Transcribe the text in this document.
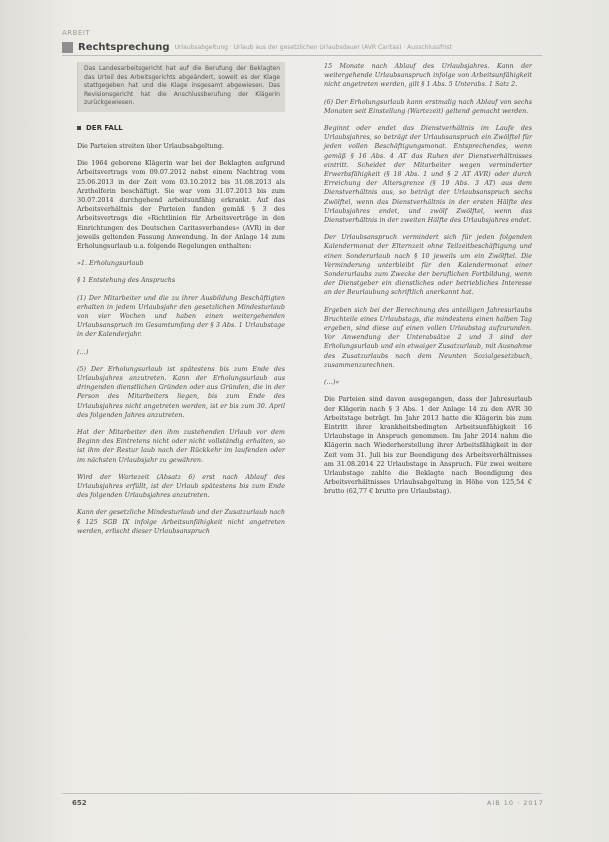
ARBEIT
Rechtsprechung Urlaubsabgeltung · Urlaub aus der gesetzlichen Urlaubsdauer (AVR Caritas) · Ausschlussfrist

Das Landesarbeitsgericht hat auf die Berufung der Beklagten das Urteil des Arbeitsgerichts abgeändert, soweit es der Klage stattgegeben hat und die Klage insgesamt abgewiesen. Das Revisionsgericht hat die Anschlussberufung der Klägerin zurückgewiesen.

DER FALL

Die Parteien streiten über Urlaubsabgeltung.

Die 1964 geborene Klägerin war bei der Beklagten aufgrund Arbeitsvertrags vom 09.07.2012 nebst einem Nachtrag vom 25.06.2013 in der Zeit vom 03.10.2012 bis 31.08.2013 als Arzthelferin beschäftigt. Sie war vom 31.07.2013 bis zum 30.07.2014 durchgehend arbeitsunfähig erkrankt. Auf das Arbeitsverhältnis der Parteien fanden gemäß § 3 des Arbeitsvertrags die »Richtlinien für Arbeitsverträge in den Einrichtungen des Deutschen Caritasverbandes« (AVR) in der jeweils geltenden Fassung Anwendung. In der Anlage 14 zum Erholungsurlaub u.a. folgende Regelungen enthalten:

»1. Erholungsurlaub

§ 1 Entstehung des Anspruchs

(1) Der Mitarbeiter und die zu ihrer Ausbildung Beschäftigten erhalten in jedem Urlaubsjahr den gesetzlichen Mindesturlaub von vier Wochen und haben einen weitergehenden Urlaubsanspruch im Gesamtumfang der § 3 Abs. 1 Urlaubstage in der Kalenderjahr.

(…)

(5) Der Erholungsurlaub ist spätestens bis zum Ende des Urlaubsjahres anzutreten. Kann der Erholungsurlaub aus dringenden dienstlichen Gründen oder aus Gründen, die in der Person des Mitarbeiters liegen, bis zum Ende des Urlaubsjahres nicht angetreten werden, ist er bis zum 30. April des folgenden Jahres anzutreten.

Hat der Mitarbeiter den ihm zustehenden Urlaub vor dem Beginn des Eintretens nicht oder nicht vollständig erhalten, so ist ihm der Restur laub nach der Rückkehr im laufenden oder im nächsten Urlaubsjahr zu gewähren.

Wird der Wartezeit (Absatz 6) erst nach Ablauf des Urlaubsjahres erfüllt, ist der Urlaub spätestens bis zum Ende des folgenden Urlaubsjahres anzutreten.

Kann der gesetzliche Mindesturlaub und der Zusatzurlaub nach § 125 SGB IX infolge Arbeitsunfähigkeit nicht angetreten werden, erlischt dieser Urlaubsanspruch

15 Monate nach Ablauf des Urlaubsjahres. Kann der weitergehende Urlaubsanspruch infolge von Arbeitsunfähigkeit nicht angetreten werden, gilt § 1 Abs. 5 Unterabs. 1 Satz 2.

(6) Der Erholungsurlaub kann erstmalig nach Ablauf von sechs Monaten seit Einstellung (Wartezeit) geltend gemacht werden.

Beginnt oder endet das Dienstverhältnis im Laufe des Urlaubsjahres, so beträgt der Urlaubsanspruch ein Zwölftel für jeden vollen Beschäftigungsmonat. Entsprechendes, wenn gemäß § 16 Abs. 4 AT das Ruhen der Dienstverhältnisses eintritt. Scheidet der Mitarbeiter wegen verminderter Erwerbsfähigkeit (§ 18 Abs. 1 und § 2 AT AVR) oder durch Erreichung der Altersgrenze (§ 19 Abs. 3 AT) aus dem Dienstverhältnis aus, so beträgt der Urlaubsanspruch sechs Zwölftel, wenn das Dienstverhältnis in der ersten Hälfte des Urlaubsjahres endet, und zwölf Zwölftel, wenn das Dienstverhältnis in der zweiten Hälfte des Urlaubsjahres endet.

Der Urlaubsanspruch vermindert sich für jeden folgenden Kalendermonat der Elternzeit ohne Teilzeitbeschäftigung und einen Sonderurlaub nach § 10 jeweils um ein Zwölftel. Die Verminderung unterbleibt für den Kalendermonat einer Sonderurlaubs zum Zwecke der beruflichen Fortbildung, wenn der Dienstgeber ein dienstliches oder betriebliches Interesse an der Beurlaubung schriftlich anerkannt hat.

Ergeben sich bei der Berechnung des anteiligen Jahresurlaubs Bruchteile eines Urlaubstags, die mindestens einen halben Tag ergeben, sind diese auf einen vollen Urlaubstag aufzurunden. Vor Anwendung der Unterabsätze 2 und 3 sind der Erholungsurlaub und ein etwaiger Zusatzurlaub, mit Ausnahme des Zusatzurlaubs nach dem Neunten Sozialgesetzbuch, zusammenzurechnen.

(…)«

Die Parteien sind davon ausgegangen, dass der Jahresurlaub der Klägerin nach § 3 Abs. 1 der Anlage 14 zu den AVR 30 Arbeitstage beträgt. Im Jahr 2013 hatte die Klägerin bis zum Eintritt ihrer krankheitsbedingten Arbeitsunfähigkeit 16 Urlaubstage in Anspruch genommen. Im Jahr 2014 nahm die Klägerin nach Wiederherstellung ihrer Arbeitsfähigkeit in der Zeit vom 31. Juli bis zur Beendigung des Arbeitsverhältnisses am 31.08.2014 22 Urlaubstage in Anspruch. Für zwei weitere Urlaubstage zahlte die Beklagte nach Beendigung des Arbeitsverhältnisses Urlaubsabgeltung in Höhe von 125,54 € brutto (62,77 € brutto pro Urlaubstag).

652	AiB 10 · 2017
